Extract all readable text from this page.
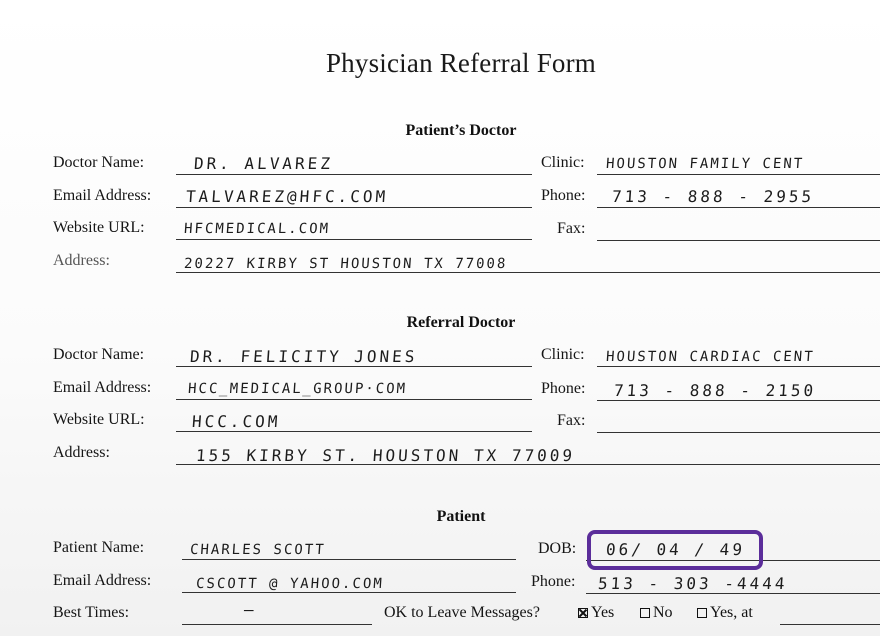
Physician Referral Form
Patient’s Doctor
Doctor Name:	DR. ALVAREZ	Clinic: HOUSTON FAMILY CENT
Email Address: TALVAREZ@HFC.COM	Phone: 713 - 888 - 2955
Website URL:	HFCMEDICAL.COM	Fax:
Address:	20227 KIRBY ST HOUSTON TX 77008
Referral Doctor
Doctor Name:	DR. FELICITY JONES	Clinic: HOUSTON CARDIAC CENT
Email Address:	HCC_MEDICAL_GROUP·COM	Phone: 713 - 888 - 2150
Website URL:	HCC.COM	Fax:
Address:	155 KIRBY ST. HOUSTON TX 77009
Patient
Patient Name:	CHARLES SCOTT	DOB: 06/ 04 / 49
Email Address:	CSCOTT @ YAHOO.COM	Phone: 513 - 303 -4444
Best Times:	—	OK to Leave Messages?	Yes	No	Yes, at
